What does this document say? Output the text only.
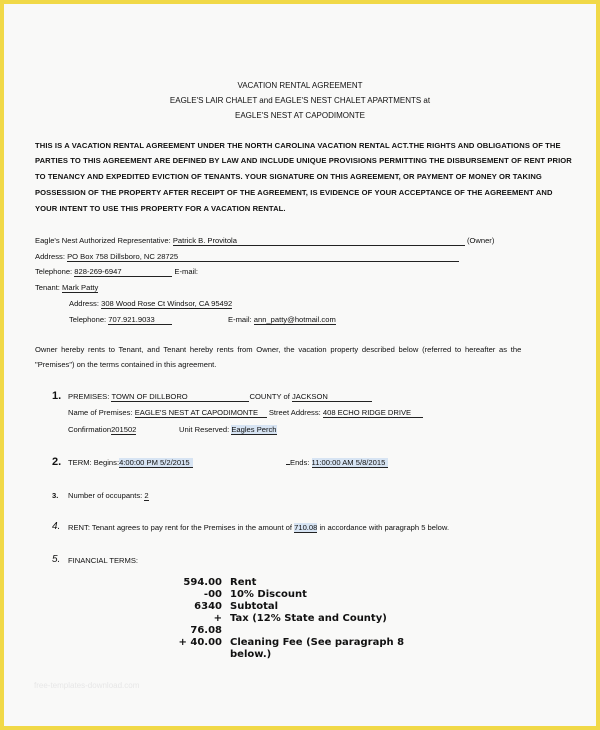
VACATION RENTAL AGREEMENT
EAGLE'S LAIR CHALET and EAGLE'S NEST CHALET APARTMENTS at
EAGLE'S NEST AT CAPODIMONTE
THIS IS A VACATION RENTAL AGREEMENT UNDER THE NORTH CAROLINA VACATION RENTAL ACT.THE RIGHTS AND OBLIGATIONS OF THE
PARTIES TO THIS AGREEMENT ARE DEFINED BY LAW AND INCLUDE UNIQUE PROVISIONS PERMITTING THE DISBURSEMENT OF RENT PRIOR
TO TENANCY AND EXPEDITED EVICTION OF TENANTS. YOUR SIGNATURE ON THIS AGREEMENT, OR PAYMENT OF MONEY OR TAKING
POSSESSION OF THE PROPERTY AFTER RECEIPT OF THE AGREEMENT, IS EVIDENCE OF YOUR ACCEPTANCE OF THE AGREEMENT AND
YOUR INTENT TO USE THIS PROPERTY FOR A VACATION RENTAL.
Eagle's Nest Authorized Representative: Patrick B. Provitola	(Owner)
Address: PO Box 758 Dillsboro, NC 28725
Telephone: 828-269-6947	E-mail:
Tenant: Mark Patty
Address: 308 Wood Rose Ct Windsor, CA 95492
Telephone: 707.921.9033	E-mail: ann_patty@hotmail.com
Owner hereby rents to Tenant, and Tenant hereby rents from Owner, the vacation property described below (referred to hereafter as the
"Premises") on the terms contained in this agreement.
1. PREMISES: TOWN OF DILLBORO	COUNTY of JACKSON
Name of Premises: EAGLE'S NEST AT CAPODIMONTE Street Address: 408 ECHO RIDGE DRIVE
Confirmation201502	Unit Reserved: Eagles Perch
2. TERM: Begins:4:00:00 PM 5/2/2015	Ends: 11:00:00 AM 5/8/2015
3. Number of occupants: 2
4. RENT: Tenant agrees to pay rent for the Premises in the amount of 710.08 in accordance with paragraph 5 below.
5. FINANCIAL TERMS:
594.00 Rent
-00 10% Discount
6340 Subtotal
+ Tax (12% State and County)
76.08
+ 40.00 Cleaning Fee (See paragraph 8
below.)
free-templates-download.com
